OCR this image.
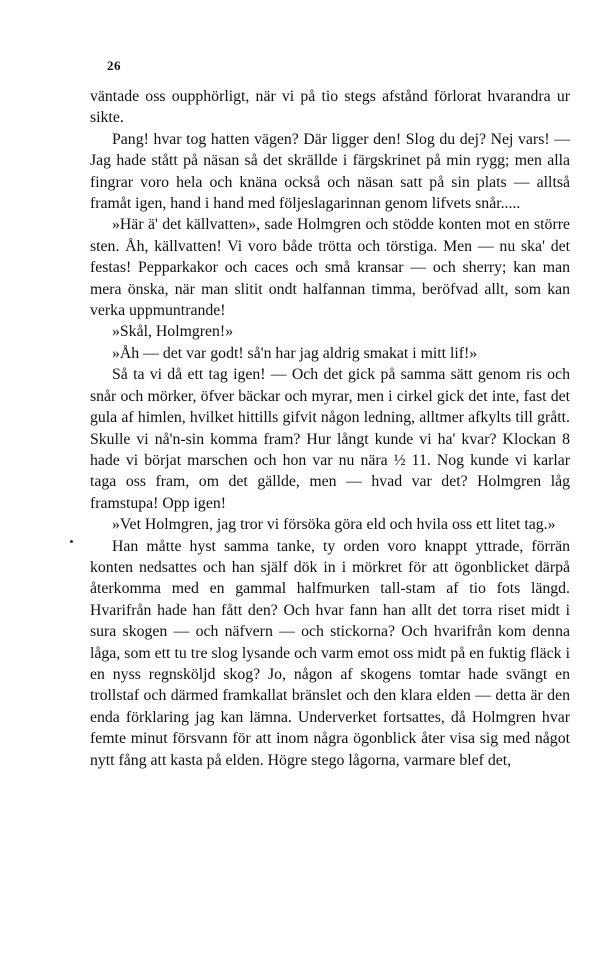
26

väntade oss oupphörligt, när vi på tio stegs afstånd förlorat hvarandra ur sikte.

Pang! hvar tog hatten vägen? Där ligger den! Slog du dej? Nej vars! — Jag hade stått på näsan så det skrällde i färgskrinet på min rygg; men alla fingrar voro hela och knäna också och näsan satt på sin plats — alltså framåt igen, hand i hand med följeslagarinnan genom lifvets snår.....

»Här ä' det källvatten», sade Holmgren och stödde konten mot en större sten. Åh, källvatten! Vi voro både trötta och törstiga. Men — nu ska' det festas! Pepparkakor och caces och små kransar — och sherry; kan man mera önska, när man slitit ondt halfannan timma, beröfvad allt, som kan verka uppmuntrande!

»Skål, Holmgren!»

»Åh — det var godt! så'n har jag aldrig smakat i mitt lif!»

Så ta vi då ett tag igen! — Och det gick på samma sätt genom ris och snår och mörker, öfver bäckar och myrar, men i cirkel gick det inte, fast det gula af himlen, hvilket hittills gifvit någon ledning, alltmer afkylts till grått. Skulle vi nå'n-sin komma fram? Hur långt kunde vi ha' kvar? Klockan 8 hade vi börjat marschen och hon var nu nära ½ 11. Nog kunde vi karlar taga oss fram, om det gällde, men — hvad var det? Holmgren låg framstupa! Opp igen!

»Vet Holmgren, jag tror vi försöka göra eld och hvila oss ett litet tag.»

Han måtte hyst samma tanke, ty orden voro knappt yttrade, förrän konten nedsattes och han själf dök in i mörkret för att ögonblicket därpå återkomma med en gammal halfmurken tall-stam af tio fots längd. Hvarifrån hade han fått den? Och hvar fann han allt det torra riset midt i sura skogen — och näfvern — och stickorna? Och hvarifrån kom denna låga, som ett tu tre slog lysande och varm emot oss midt på en fuktig fläck i en nyss regnsköljd skog? Jo, någon af skogens tomtar hade svängt en trollstaf och därmed framkallat bränslet och den klara elden — detta är den enda förklaring jag kan lämna. Underverket fortsattes, då Holmgren hvar femte minut försvann för att inom några ögonblick åter visa sig med något nytt fång att kasta på elden. Högre stego lågorna, varmare blef det,
